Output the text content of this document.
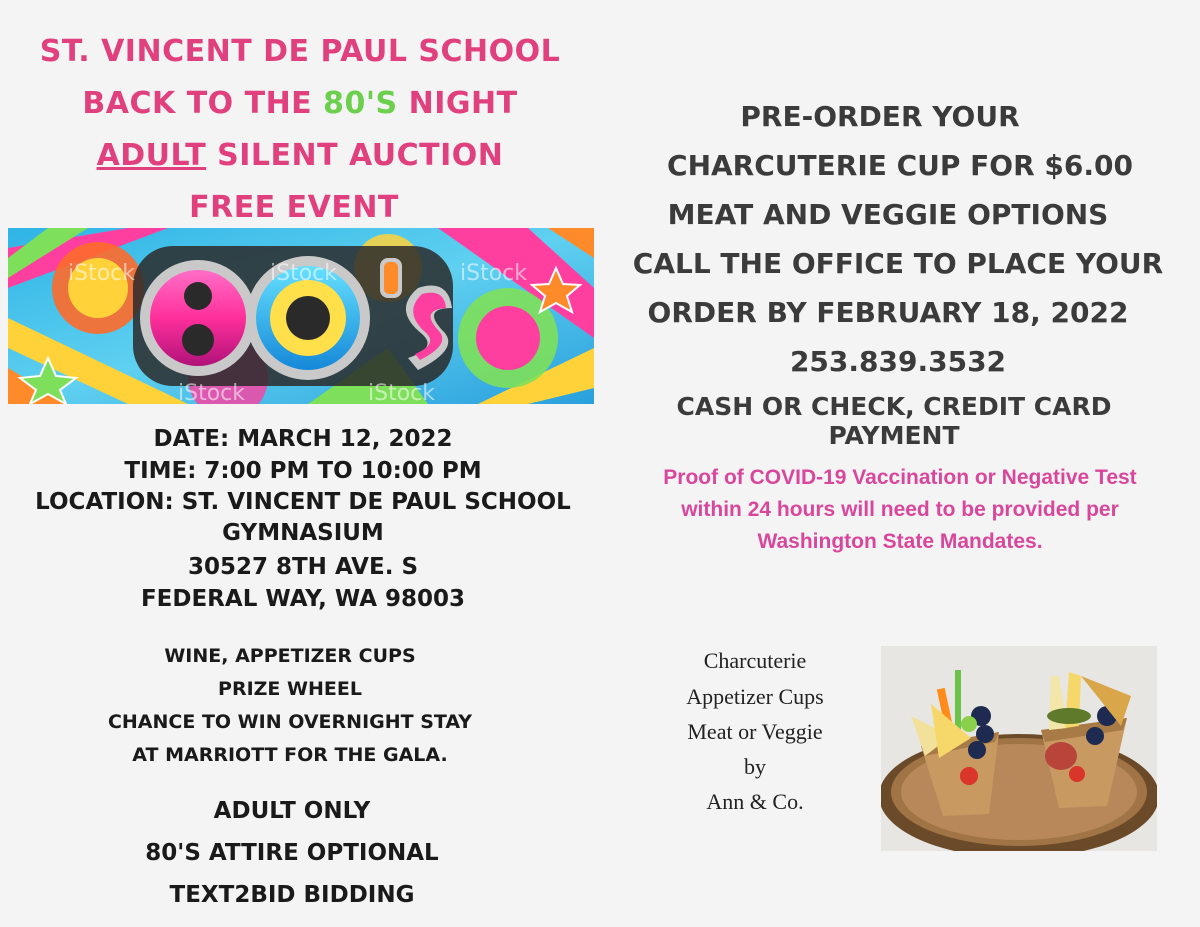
ST. VINCENT DE PAUL SCHOOL
BACK TO THE 80'S NIGHT
ADULT SILENT AUCTION
FREE EVENT
iStock	iStock	iStock
iStock	iStock
DATE: MARCH 12, 2022
TIME: 7:00 PM TO 10:00 PM
LOCATION: ST. VINCENT DE PAUL SCHOOL
GYMNASIUM
30527 8TH AVE. S
FEDERAL WAY, WA 98003
WINE, APPETIZER CUPS
PRIZE WHEEL
CHANCE TO WIN OVERNIGHT STAY
AT MARRIOTT FOR THE GALA.
ADULT ONLY
80'S ATTIRE OPTIONAL
TEXT2BID BIDDING
PRE-ORDER YOUR
CHARCUTERIE CUP FOR $6.00
MEAT AND VEGGIE OPTIONS
CALL THE OFFICE TO PLACE YOUR
ORDER BY FEBRUARY 18, 2022
253.839.3532
CASH OR CHECK, CREDIT CARD PAYMENT
Proof of COVID-19 Vaccination or Negative Test
within 24 hours will need to be provided per
Washington State Mandates.
Charcuterie
Appetizer Cups
Meat or Veggie
by
Ann & Co.
